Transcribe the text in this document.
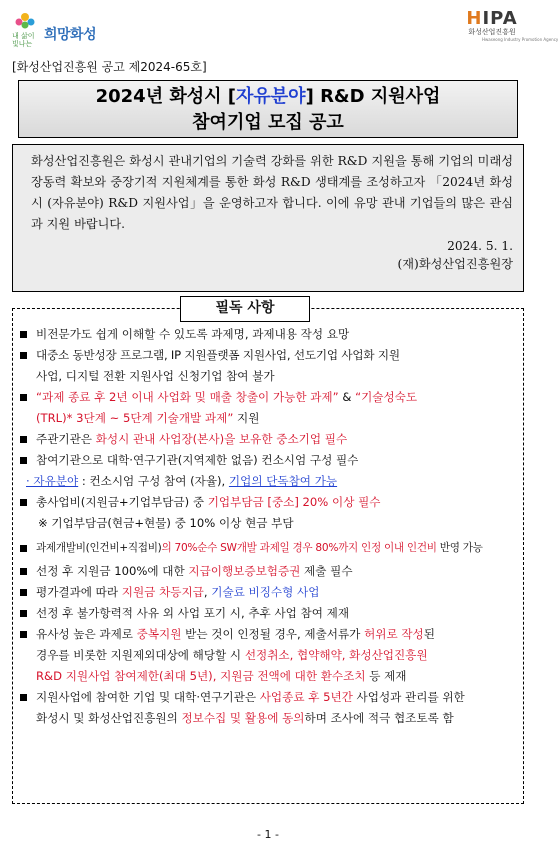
내 삶이 빛나는
희망화성
HIPA
화성산업진흥원
Hwaseong Industry Promotion Agency
[화성산업진흥원 공고 제2024-65호]
2024년 화성시 [자유분야] R&D 지원사업
참여기업 모집 공고

화성산업진흥원은 화성시 관내기업의 기술력 강화를 위한 R&D 지원을 통해 기업의 미래성장동력 확보와 중장기적 지원체계를 통한 화성 R&D 생태계를 조성하고자 「2024년 화성시 (자유분야) R&D 지원사업」을 운영하고자 합니다. 이에 유망 관내 기업들의 많은 관심과 지원 바랍니다.

2024. 5. 1.
(재)화성산업진흥원장
필독 사항
비전문가도 쉽게 이해할 수 있도록 과제명, 과제내용 작성 요망
대중소 동반성장 프로그램, IP 지원플랫폼 지원사업, 선도기업 사업화 지원
사업, 디지털 전환 지원사업 신청기업 참여 불가
“과제 종료 후 2년 이내 사업화 및 매출 창출이 가능한 과제” & “기술성숙도
(TRL)* 3단계 ~ 5단계 기술개발 과제” 지원
주관기관은 화성시 관내 사업장(본사)을 보유한 중소기업 필수
참여기관으로 대학·연구기관(지역제한 없음) 컨소시엄 구성 필수
· 자유분야 : 컨소시엄 구성 참여 (자율), 기업의 단독참여 가능
총사업비(지원금+기업부담금) 중 기업부담금 [중소] 20% 이상 필수
※ 기업부담금(현금+현물) 중 10% 이상 현금 부담
과제개발비(인건비+직접비)의 70%순수 SW개발 과제일 경우 80%까지 인정 이내 인건비 반영 가능
선정 후 지원금 100%에 대한 지급이행보증보험증권 제출 필수
평가결과에 따라 지원금 차등지급, 기술료 비징수형 사업
선정 후 불가항력적 사유 외 사업 포기 시, 추후 사업 참여 제재
유사성 높은 과제로 중복지원 받는 것이 인정될 경우, 제출서류가 허위로 작성된
경우를 비롯한 지원제외대상에 해당할 시 선정취소, 협약해약, 화성산업진흥원
R&D 지원사업 참여제한(최대 5년), 지원금 전액에 대한 환수조치 등 제재
지원사업에 참여한 기업 및 대학·연구기관은 사업종료 후 5년간 사업성과 관리를 위한
화성시 및 화성산업진흥원의 정보수집 및 활용에 동의하며 조사에 적극 협조토록 함
- 1 -
